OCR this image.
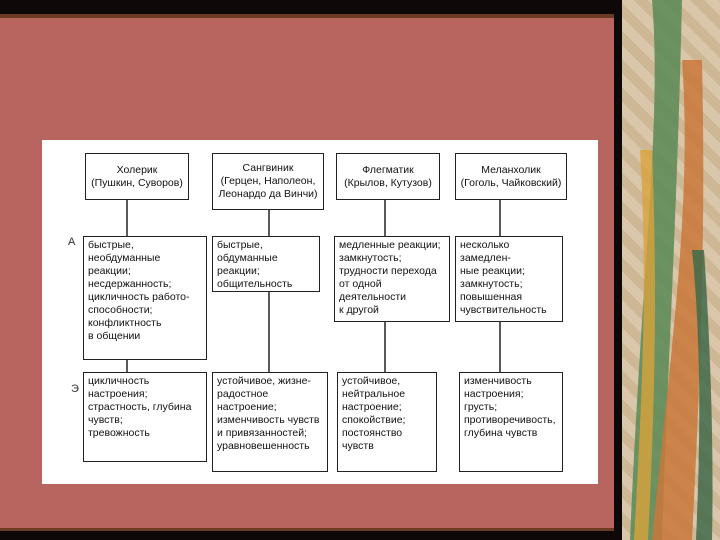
Холерик
(Пушкин, Суворов)
Сангвиник
(Герцен, Наполеон,
Леонардо да Винчи)
Флегматик
(Крылов, Кутузов)
Меланхолик
(Гоголь, Чайковский)
А
Э
быстрые, необдуманные
реакции;
несдержанность;
цикличность работо-
способности;
конфликтность
в общении
быстрые,
обдуманные реакции;
общительность
медленные реакции;
замкнутость;
трудности перехода
от одной деятельности
к другой
несколько замедлен-
ные реакции;
замкнутость;
повышенная
чувствительность
цикличность настроения;
страстность, глубина
чувств;
тревожность
устойчивое, жизне-
радостное настроение;
изменчивость чувств
и привязанностей;
уравновешенность
устойчивое,
нейтральное
настроение;
спокойствие;
постоянство чувств
изменчивость
настроения;
грусть;
противоречивость,
глубина чувств
